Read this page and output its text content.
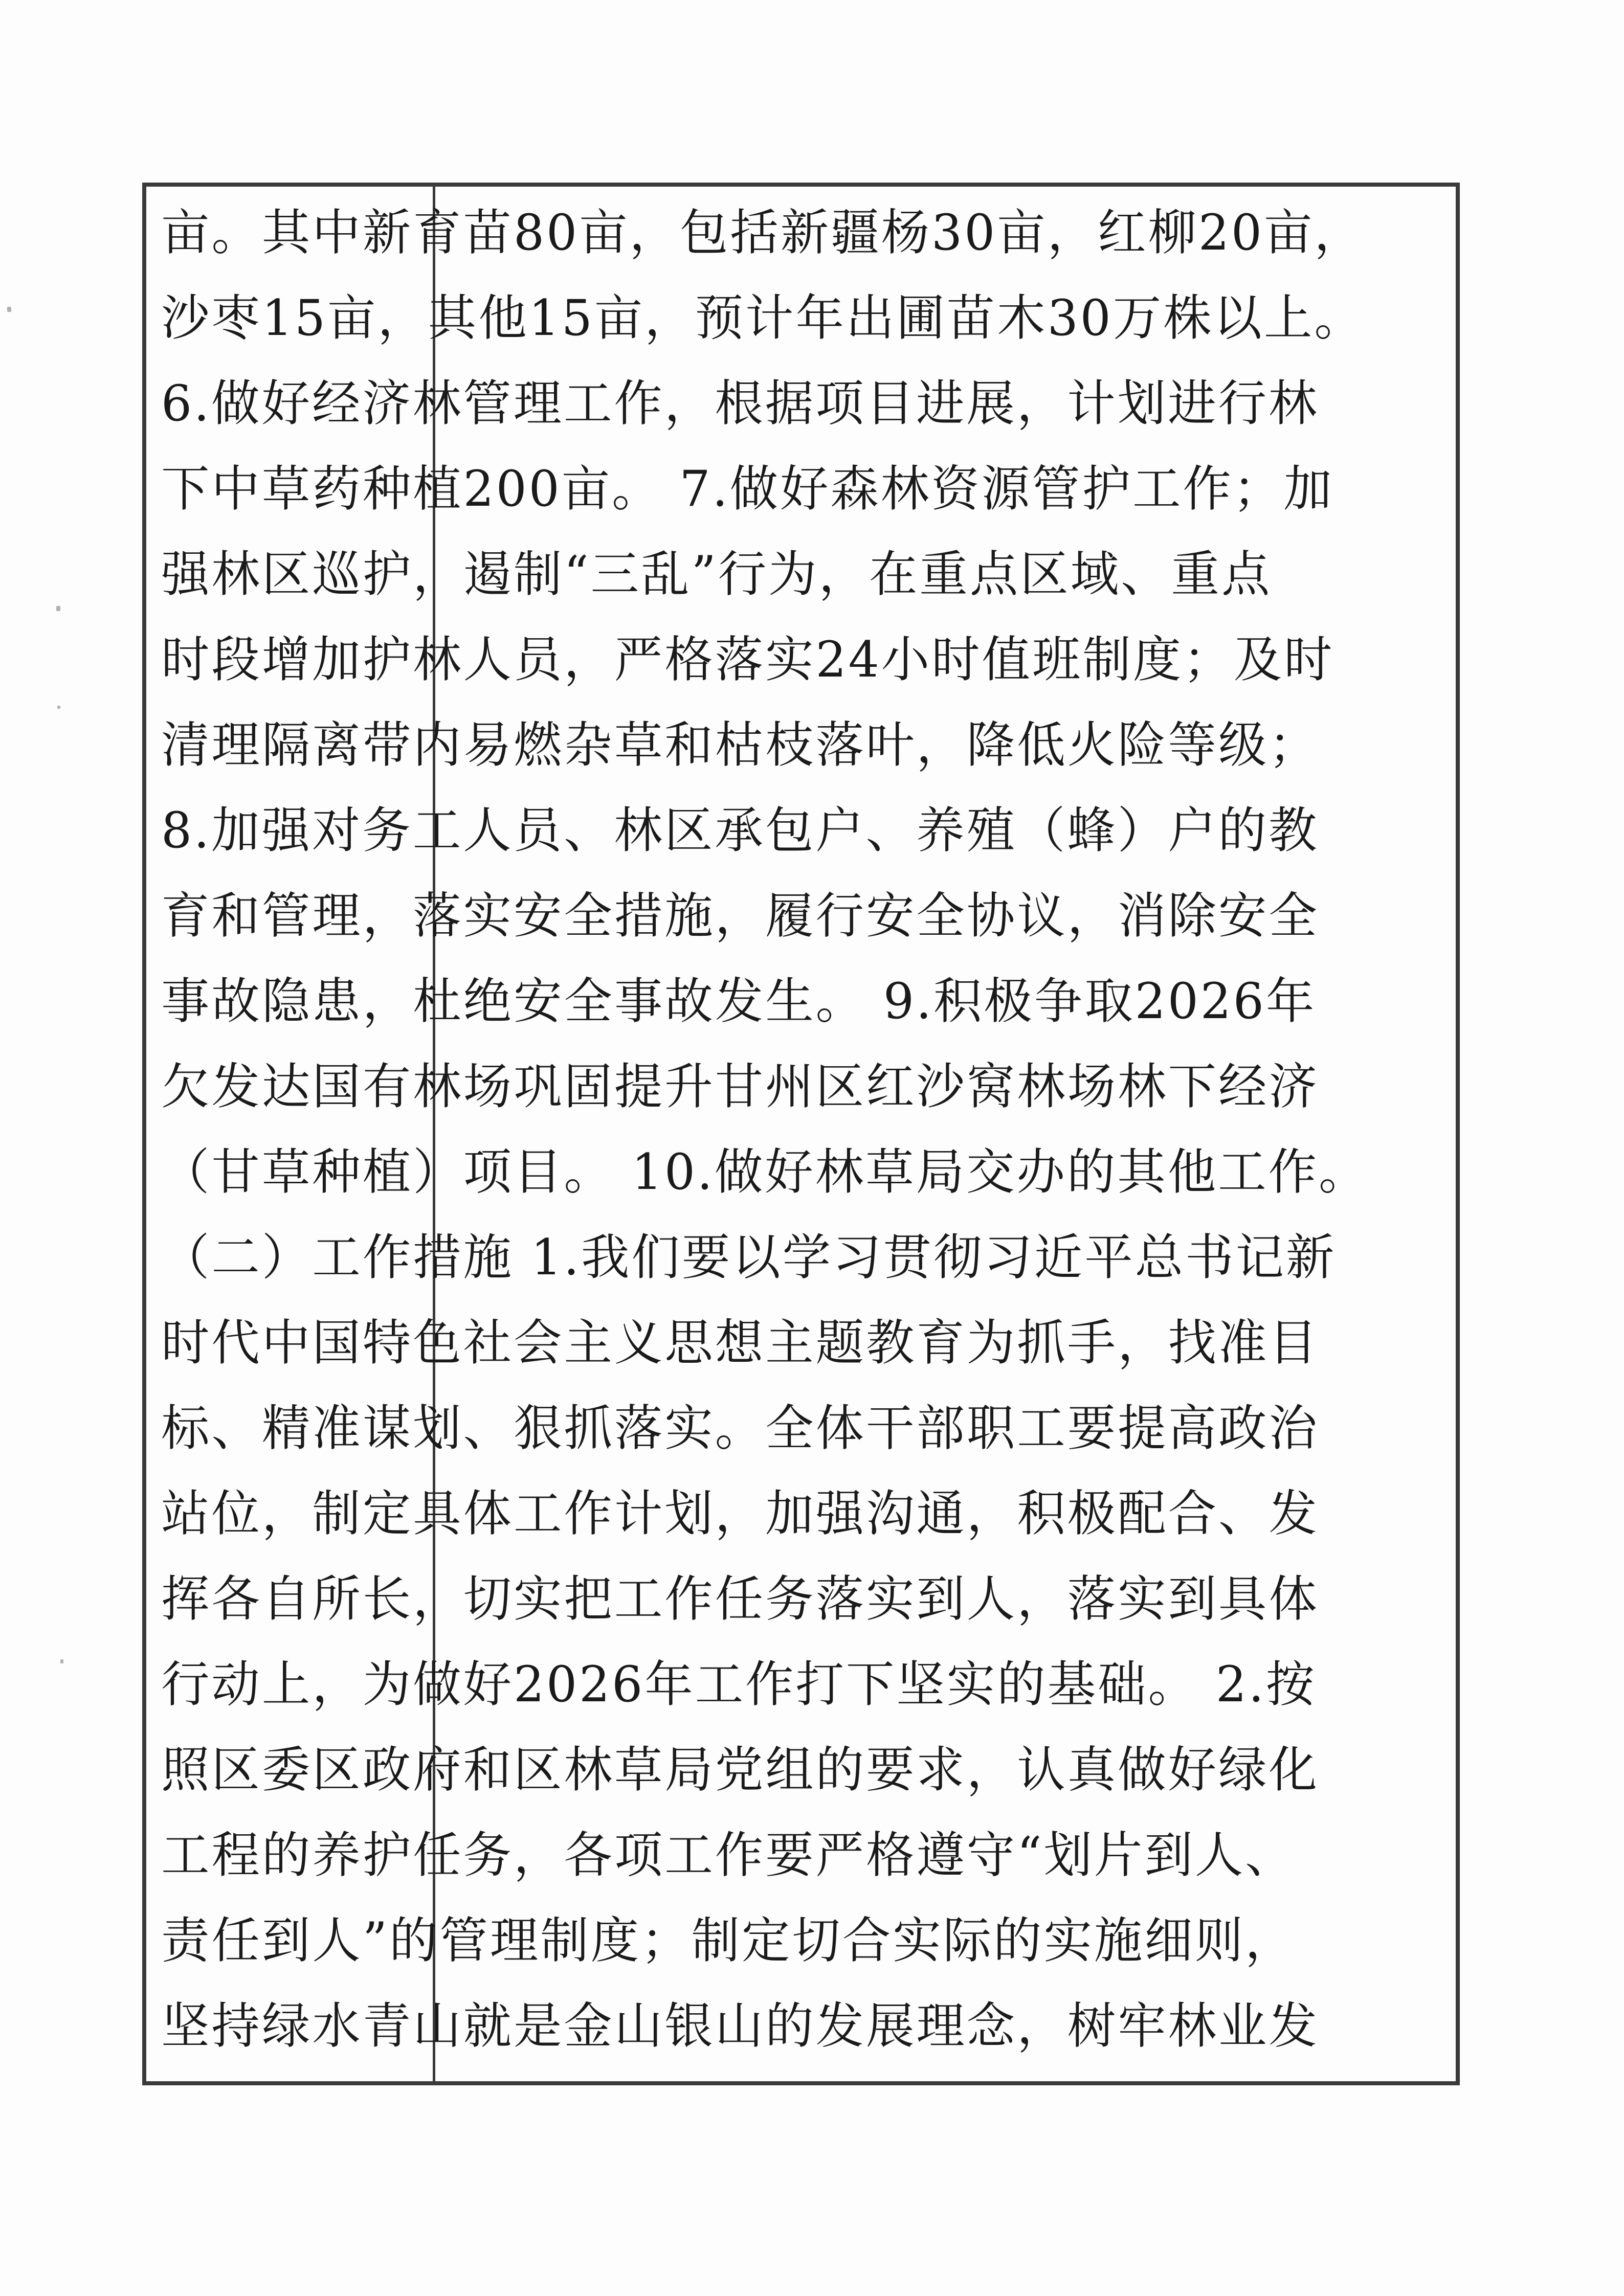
亩。其中新育苗80亩，包括新疆杨30亩，红柳20亩，
沙枣15亩，其他15亩，预计年出圃苗木30万株以上。
6.做好经济林管理工作，根据项目进展，计划进行林
下中草药种植200亩。 7.做好森林资源管护工作；加
强林区巡护，遏制“三乱”行为，在重点区域、重点
时段增加护林人员，严格落实24小时值班制度；及时
清理隔离带内易燃杂草和枯枝落叶，降低火险等级；
8.加强对务工人员、林区承包户、养殖（蜂）户的教
育和管理，落实安全措施，履行安全协议，消除安全
事故隐患，杜绝安全事故发生。 9.积极争取2026年
欠发达国有林场巩固提升甘州区红沙窝林场林下经济
（甘草种植）项目。 10.做好林草局交办的其他工作。
（二）工作措施 1.我们要以学习贯彻习近平总书记新
时代中国特色社会主义思想主题教育为抓手，找准目
标、精准谋划、狠抓落实。全体干部职工要提高政治
站位，制定具体工作计划，加强沟通，积极配合、发
挥各自所长，切实把工作任务落实到人，落实到具体
行动上，为做好2026年工作打下坚实的基础。 2.按
照区委区政府和区林草局党组的要求，认真做好绿化
工程的养护任务，各项工作要严格遵守“划片到人、
责任到人”的管理制度；制定切合实际的实施细则，
坚持绿水青山就是金山银山的发展理念，树牢林业发
